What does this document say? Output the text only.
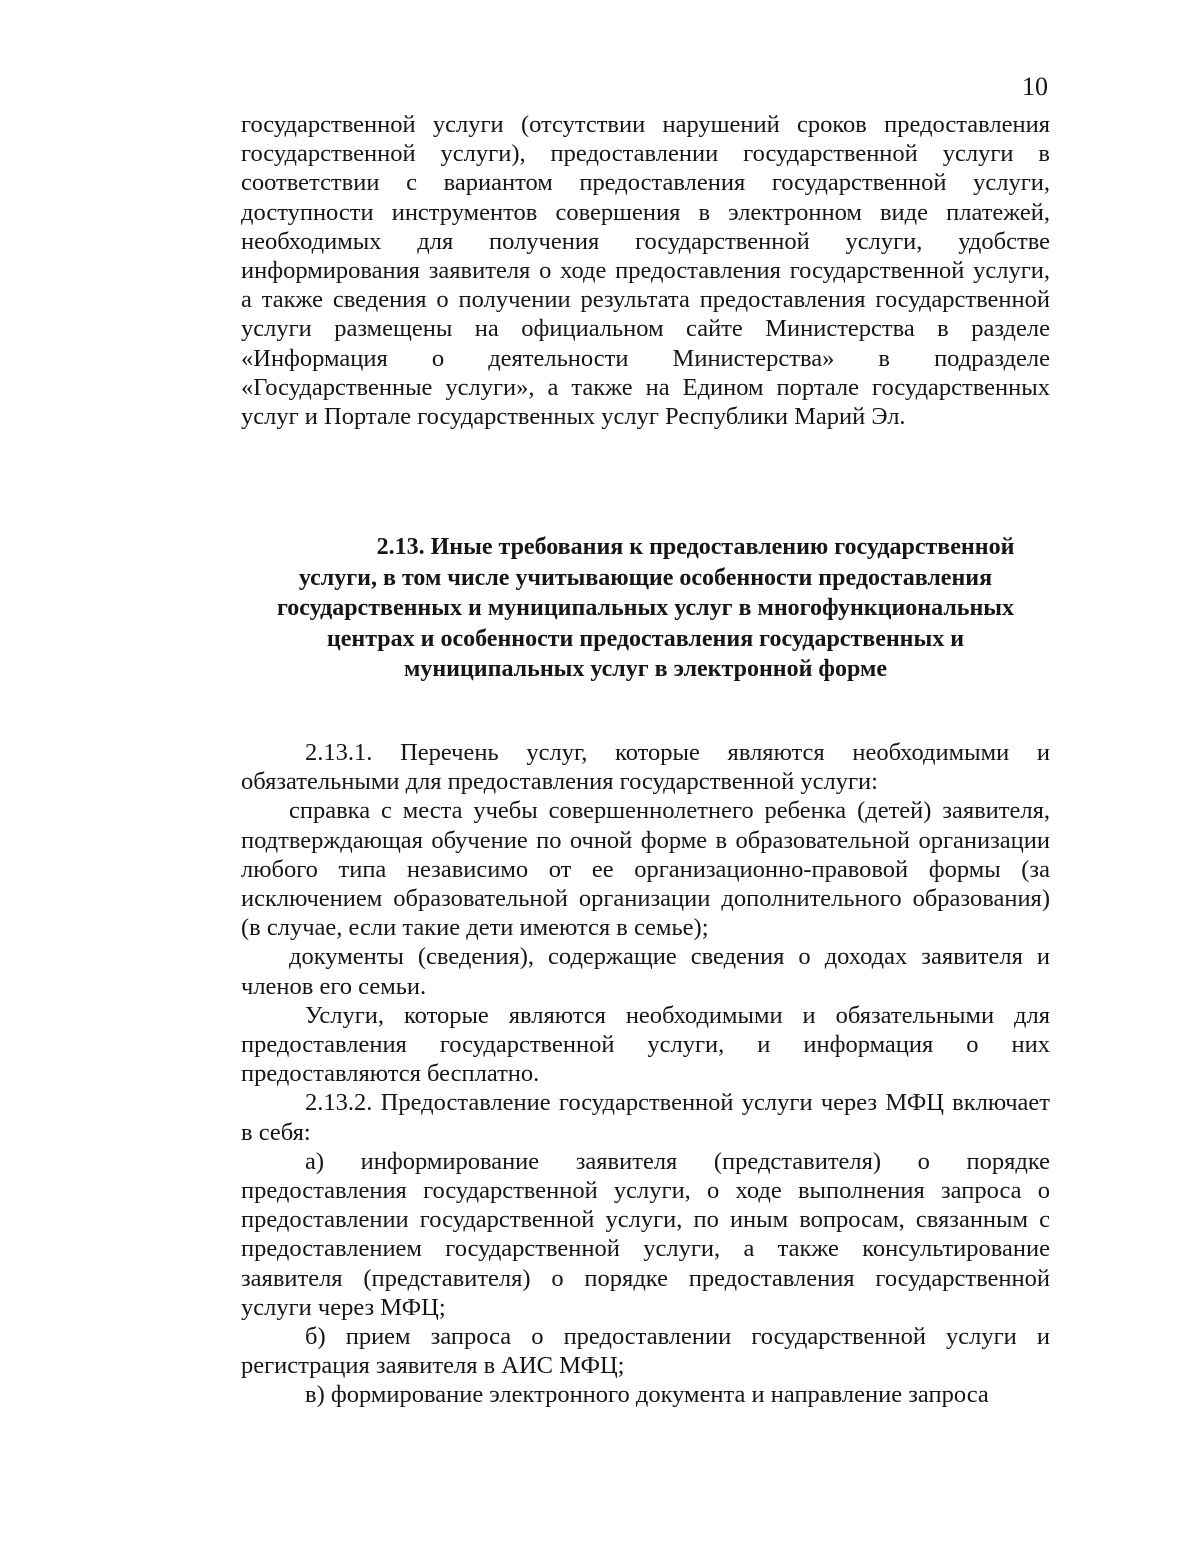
10

государственной услуги (отсутствии нарушений сроков предоставления государственной услуги), предоставлении государственной услуги в соответствии с вариантом предоставления государственной услуги, доступности инструментов совершения в электронном виде платежей, необходимых для получения государственной услуги, удобстве информирования заявителя о ходе предоставления государственной услуги, а также сведения о получении результата предоставления государственной услуги размещены на официальном сайте Министерства в разделе «Информация о деятельности Министерства» в подразделе «Государственные услуги», а также на Едином портале государственных услуг и Портале государственных услуг Республики Марий Эл.

2.13. Иные требования к предоставлению государственной
услуги, в том числе учитывающие особенности предоставления
государственных и муниципальных услуг в многофункциональных
центрах и особенности предоставления государственных и
муниципальных услуг в электронной форме

2.13.1. Перечень услуг, которые являются необходимыми и обязательными для предоставления государственной услуги:

справка с места учебы совершеннолетнего ребенка (детей) заявителя, подтверждающая обучение по очной форме в образовательной организации любого типа независимо от ее организационно-правовой формы (за исключением образовательной организации дополнительного образования) (в случае, если такие дети имеются в семье);

документы (сведения), содержащие сведения о доходах заявителя и членов его семьи.

Услуги, которые являются необходимыми и обязательными для предоставления государственной услуги, и информация о них предоставляются бесплатно.

2.13.2. Предоставление государственной услуги через МФЦ включает в себя:

а) информирование заявителя (представителя) о порядке предоставления государственной услуги, о ходе выполнения запроса о предоставлении государственной услуги, по иным вопросам, связанным с предоставлением государственной услуги, а также консультирование заявителя (представителя) о порядке предоставления государственной услуги через МФЦ;

б) прием запроса о предоставлении государственной услуги и регистрация заявителя в АИС МФЦ;

в) формирование электронного документа и направление запроса
